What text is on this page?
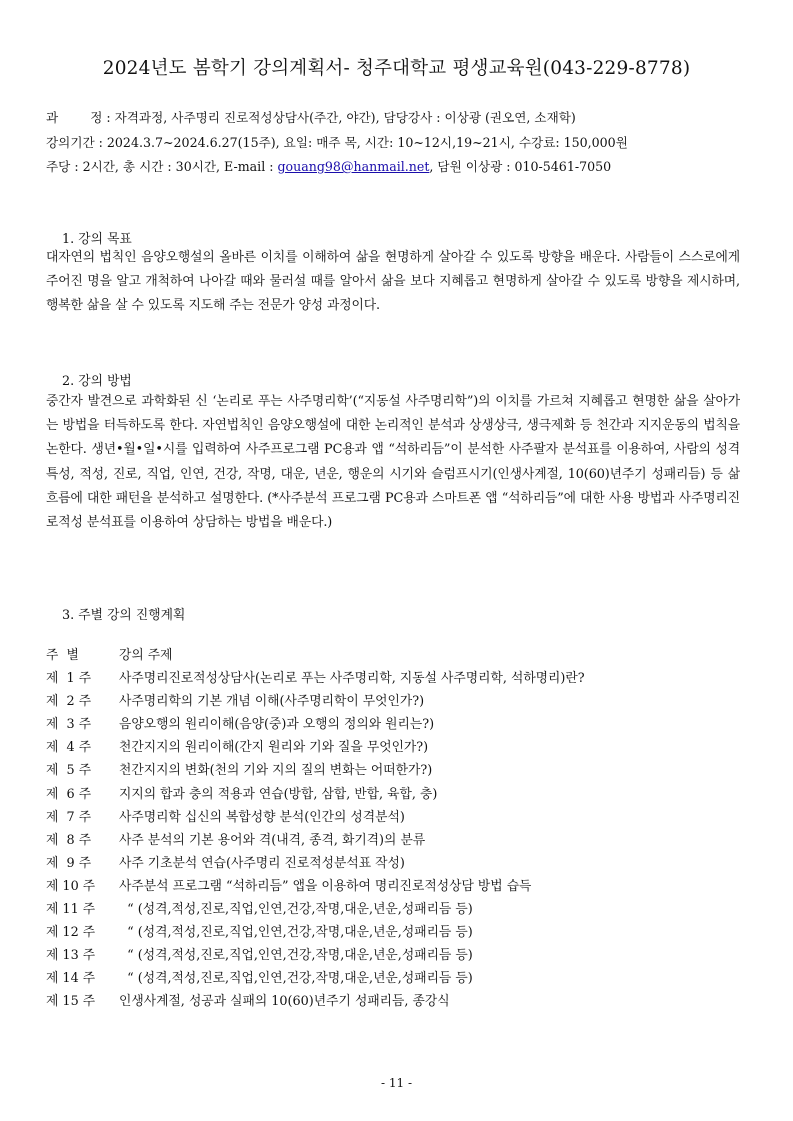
2024년도 봄학기 강의계획서- 청주대학교 평생교육원(043-229-8778)
과        정 : 자격과정, 사주명리 진로적성상담사(주간, 야간), 담당강사 : 이상광 (권오연, 소재학)
강의기간 : 2024.3.7~2024.6.27(15주), 요일: 매주 목, 시간: 10~12시,19~21시, 수강료: 150,000원
주당 : 2시간, 총 시간 : 30시간, E-mail : gouang98@hanmail.net, 담원 이상광 : 010-5461-7050
1. 강의 목표

대자연의 법칙인 음양오행설의 올바른 이치를 이해하여 삶을 현명하게 살아갈 수 있도록 방향을 배운다. 사람들이 스스로에게 주어진 명을 알고 개척하여 나아갈 때와 물러설 때를 알아서 삶을 보다 지혜롭고 현명하게 살아갈 수 있도록 방향을 제시하며, 행복한 삶을 살 수 있도록 지도해 주는 전문가 양성 과정이다.

2. 강의 방법

중간자 발견으로 과학화된 신 ‘논리로 푸는 사주명리학’(“지동설 사주명리학”)의 이치를 가르쳐 지혜롭고 현명한 삶을 살아가는 방법을 터득하도록 한다. 자연법칙인 음양오행설에 대한 논리적인 분석과 상생상극, 생극제화 등 천간과 지지운동의 법칙을 논한다. 생년•월•일•시를 입력하여 사주프로그램 PC용과 앱 “석하리듬”이 분석한 사주팔자 분석표를 이용하여, 사람의 성격특성, 적성, 진로, 직업, 인연, 건강, 작명, 대운, 년운, 행운의 시기와 슬럼프시기(인생사계절, 10(60)년주기 성패리듬) 등 삶 흐름에 대한 패턴을 분석하고 설명한다. (*사주분석 프로그램 PC용과 스마트폰 앱 “석하리듬”에 대한 사용 방법과 사주명리진로적성 분석표를 이용하여 상담하는 방법을 배운다.)

3. 주별 강의 진행계획
주  별	강의 주제
제  1 주	사주명리진로적성상담사(논리로 푸는 사주명리학, 지동설 사주명리학, 석하명리)란?
제  2 주	사주명리학의 기본 개념 이해(사주명리학이 무엇인가?)
제  3 주	음양오행의 원리이해(음양(중)과 오행의 정의와 원리는?)
제  4 주	천간지지의 원리이해(간지 원리와 기와 질을 무엇인가?)
제  5 주	천간지지의 변화(천의 기와 지의 질의 변화는 어떠한가?)
제  6 주	지지의 합과 충의 적용과 연습(방합, 삼합, 반합, 육합, 충)
제  7 주	사주명리학 십신의 복합성향 분석(인간의 성격분석)
제  8 주	사주 분석의 기본 용어와 격(내격, 종격, 화기격)의 분류
제  9 주	사주 기초분석 연습(사주명리 진로적성분석표 작성)
제 10 주	사주분석 프로그램 “석하리듬” 앱을 이용하여 명리진로적성상담 방법 습득
제 11 주	“ (성격,적성,진로,직업,인연,건강,작명,대운,년운,성패리듬 등)
제 12 주	“ (성격,적성,진로,직업,인연,건강,작명,대운,년운,성패리듬 등)
제 13 주	“ (성격,적성,진로,직업,인연,건강,작명,대운,년운,성패리듬 등)
제 14 주	“ (성격,적성,진로,직업,인연,건강,작명,대운,년운,성패리듬 등)
제 15 주	인생사계절, 성공과 실패의 10(60)년주기 성패리듬, 종강식
- 11 -
